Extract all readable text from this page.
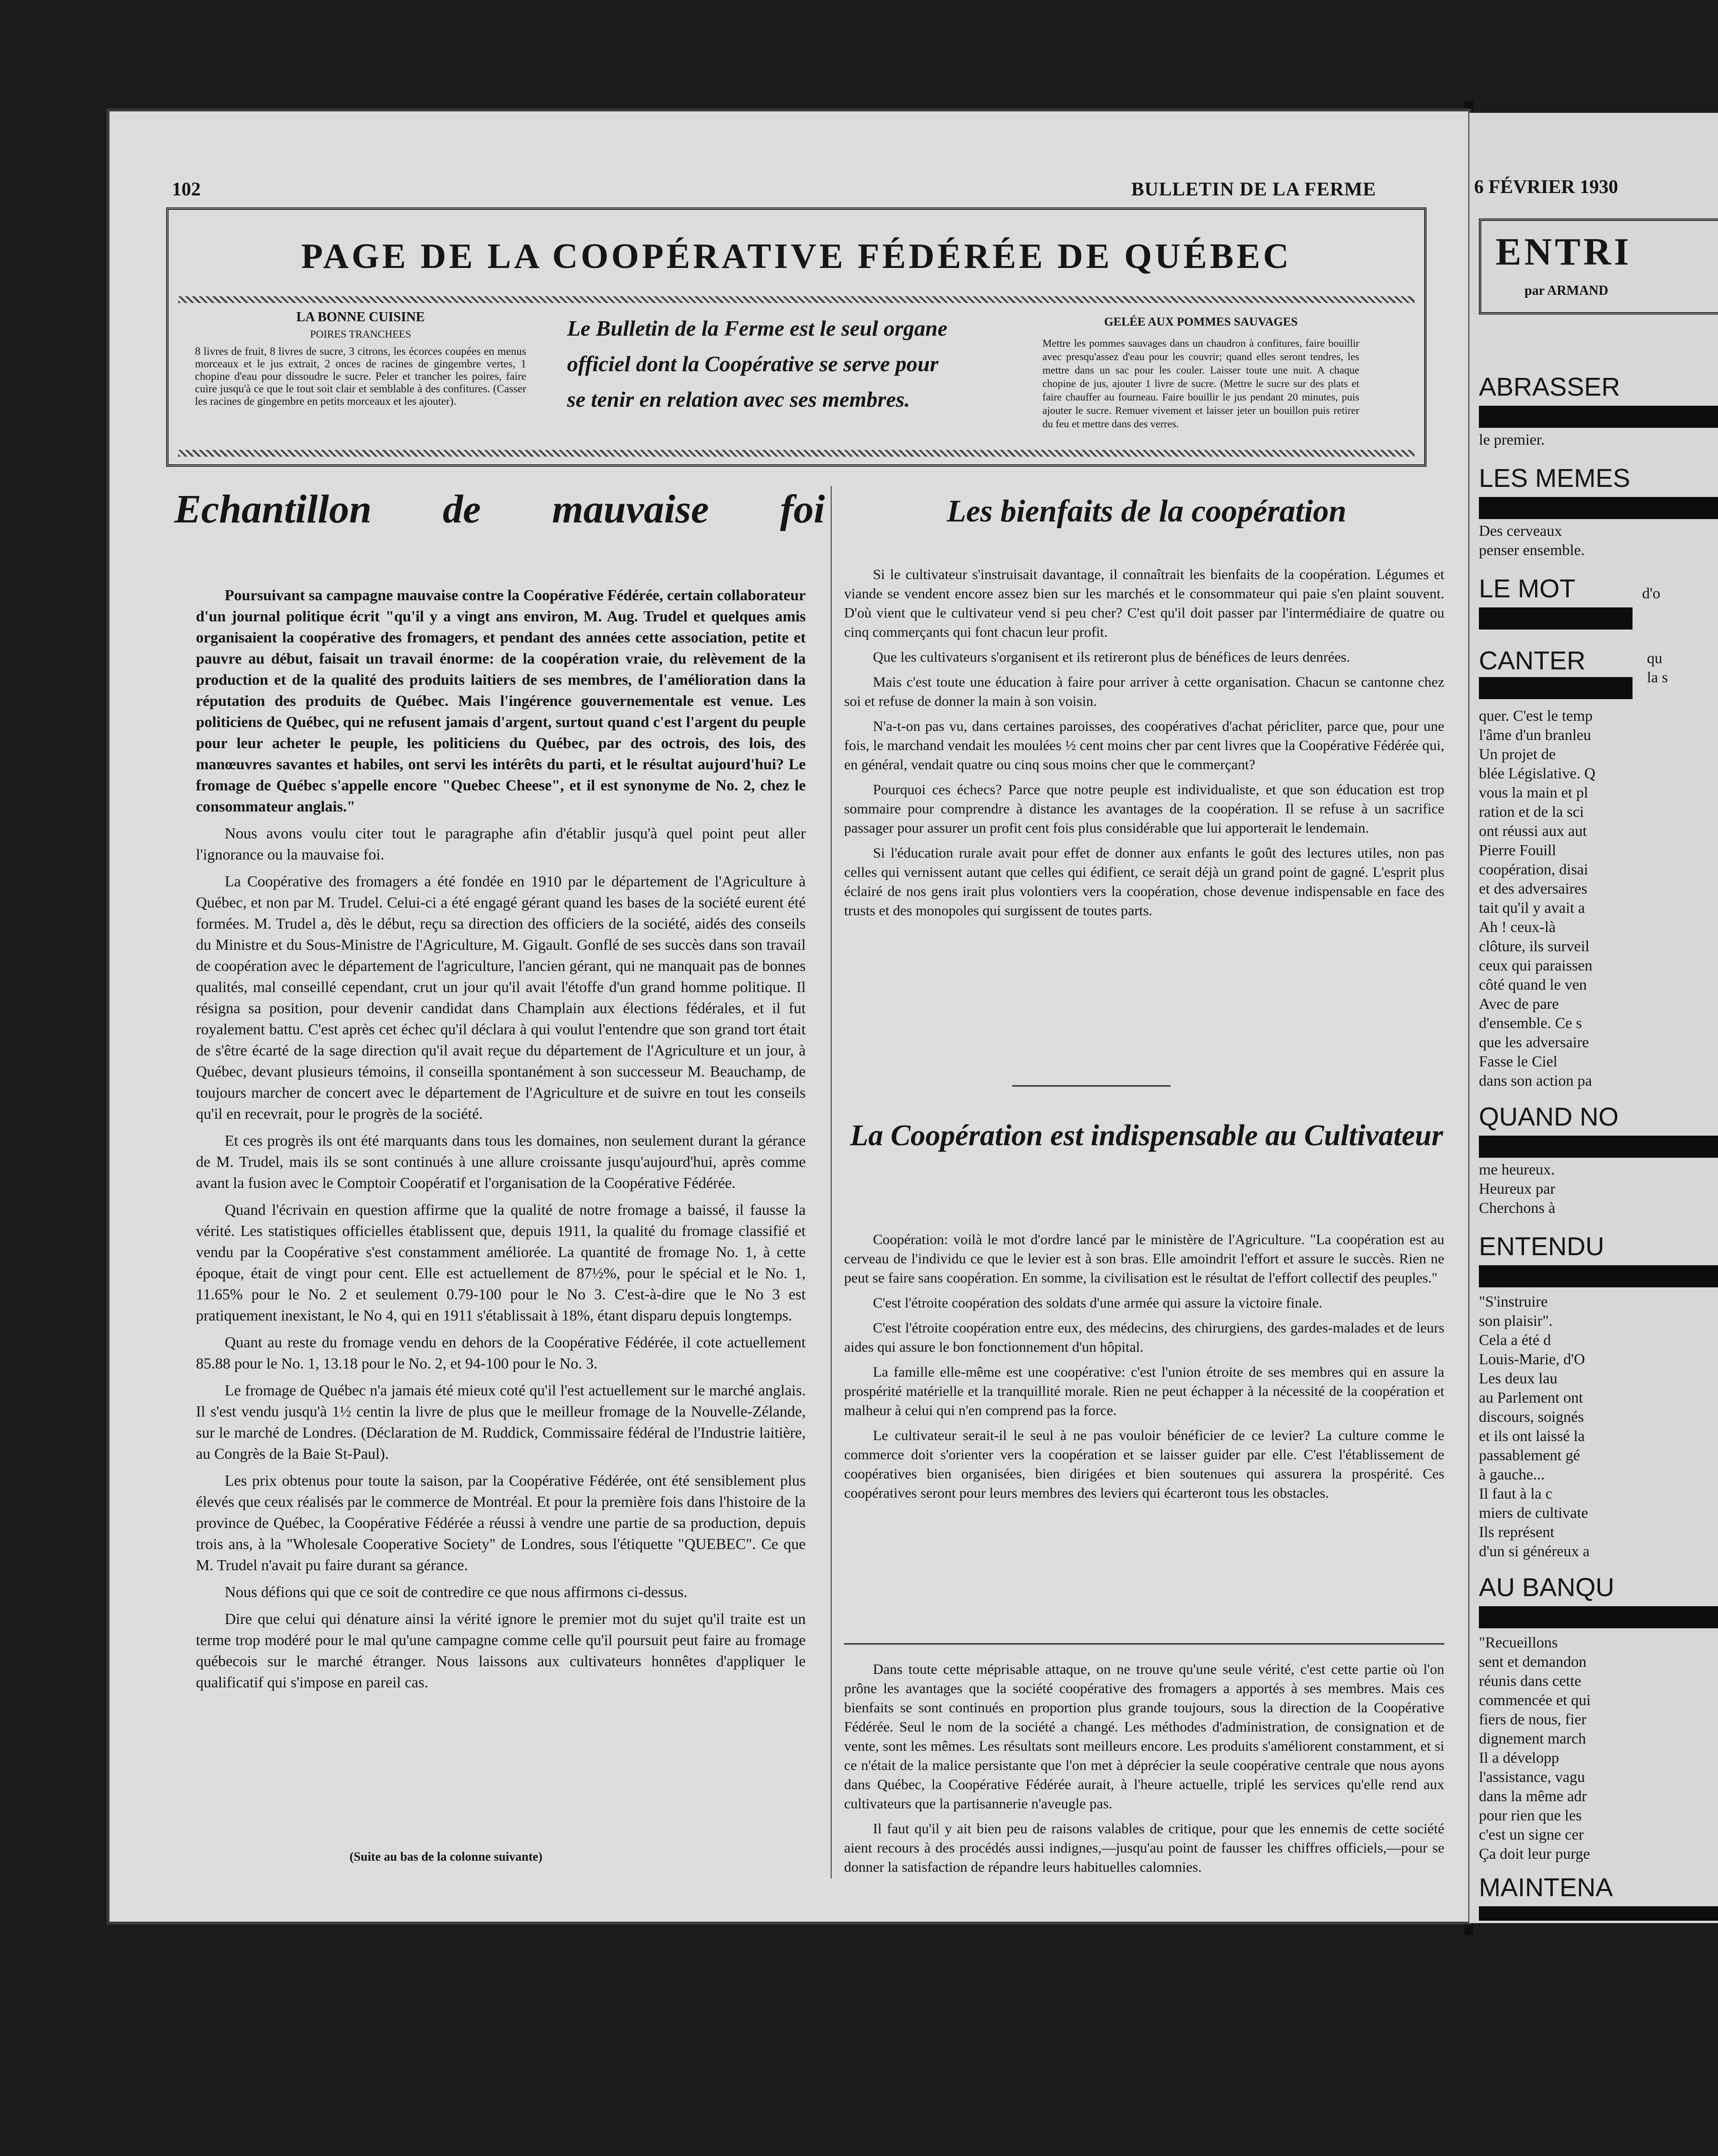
102	BULLETIN DE LA FERME
PAGE DE LA COOPÉRATIVE FÉDÉRÉE DE QUÉBEC
LA BONNE CUISINE
POIRES TRANCHEES
8 livres de fruit, 8 livres de sucre, 3 citrons, les écorces coupées en menus morceaux et le jus extrait, 2 onces de racines de gingembre vertes, 1 chopine d'eau pour dissoudre le sucre. Peler et trancher les poires, faire cuire jusqu'à ce que le tout soit clair et semblable à des confitures. (Casser les racines de gingembre en petits morceaux et les ajouter).
Le Bulletin de la Ferme est le seul organe officiel dont la Coopérative se serve pour se tenir en relation avec ses membres.
GELÉE AUX POMMES SAUVAGES
Mettre les pommes sauvages dans un chaudron à confitures, faire bouillir avec presqu'assez d'eau pour les couvrir; quand elles seront tendres, les mettre dans un sac pour les couler. Laisser toute une nuit. A chaque chopine de jus, ajouter 1 livre de sucre. (Mettre le sucre sur des plats et faire chauffer au fourneau. Faire bouillir le jus pendant 20 minutes, puis ajouter le sucre. Remuer vivement et laisser jeter un bouillon puis retirer du feu et mettre dans des verres.
Echantillon de mauvaise foi

Poursuivant sa campagne mauvaise contre la Coopérative Fédérée, certain collaborateur d'un journal politique écrit "qu'il y a vingt ans environ, M. Aug. Trudel et quelques amis organisaient la coopérative des fromagers, et pendant des années cette association, petite et pauvre au début, faisait un travail énorme: de la coopération vraie, du relèvement de la production et de la qualité des produits laitiers de ses membres, de l'amélioration dans la réputation des produits de Québec. Mais l'ingérence gouvernementale est venue. Les politiciens de Québec, qui ne refusent jamais d'argent, surtout quand c'est l'argent du peuple pour leur acheter le peuple, les politiciens du Québec, par des octrois, des lois, des manœuvres savantes et habiles, ont servi les intérêts du parti, et le résultat aujourd'hui? Le fromage de Québec s'appelle encore "Quebec Cheese", et il est synonyme de No. 2, chez le consommateur anglais."

Nous avons voulu citer tout le paragraphe afin d'établir jusqu'à quel point peut aller l'ignorance ou la mauvaise foi.

La Coopérative des fromagers a été fondée en 1910 par le département de l'Agriculture à Québec, et non par M. Trudel. Celui-ci a été engagé gérant quand les bases de la société eurent été formées. M. Trudel a, dès le début, reçu sa direction des officiers de la société, aidés des conseils du Ministre et du Sous-Ministre de l'Agriculture, M. Gigault. Gonflé de ses succès dans son travail de coopération avec le département de l'agriculture, l'ancien gérant, qui ne manquait pas de bonnes qualités, mal conseillé cependant, crut un jour qu'il avait l'étoffe d'un grand homme politique. Il résigna sa position, pour devenir candidat dans Champlain aux élections fédérales, et il fut royalement battu. C'est après cet échec qu'il déclara à qui voulut l'entendre que son grand tort était de s'être écarté de la sage direction qu'il avait reçue du département de l'Agriculture et un jour, à Québec, devant plusieurs témoins, il conseilla spontanément à son successeur M. Beauchamp, de toujours marcher de concert avec le département de l'Agriculture et de suivre en tout les conseils qu'il en recevrait, pour le progrès de la société.

Et ces progrès ils ont été marquants dans tous les domaines, non seulement durant la gérance de M. Trudel, mais ils se sont continués à une allure croissante jusqu'aujourd'hui, après comme avant la fusion avec le Comptoir Coopératif et l'organisation de la Coopérative Fédérée.

Quand l'écrivain en question affirme que la qualité de notre fromage a baissé, il fausse la vérité. Les statistiques officielles établissent que, depuis 1911, la qualité du fromage classifié et vendu par la Coopérative s'est constamment améliorée. La quantité de fromage No. 1, à cette époque, était de vingt pour cent. Elle est actuellement de 87½%, pour le spécial et le No. 1, 11.65% pour le No. 2 et seulement 0.79-100 pour le No 3. C'est-à-dire que le No 3 est pratiquement inexistant, le No 4, qui en 1911 s'établissait à 18%, étant disparu depuis longtemps.

Quant au reste du fromage vendu en dehors de la Coopérative Fédérée, il cote actuellement 85.88 pour le No. 1, 13.18 pour le No. 2, et 94-100 pour le No. 3.

Le fromage de Québec n'a jamais été mieux coté qu'il l'est actuellement sur le marché anglais. Il s'est vendu jusqu'à 1½ centin la livre de plus que le meilleur fromage de la Nouvelle-Zélande, sur le marché de Londres. (Déclaration de M. Ruddick, Commissaire fédéral de l'Industrie laitière, au Congrès de la Baie St-Paul).

Les prix obtenus pour toute la saison, par la Coopérative Fédérée, ont été sensiblement plus élevés que ceux réalisés par le commerce de Montréal. Et pour la première fois dans l'histoire de la province de Québec, la Coopérative Fédérée a réussi à vendre une partie de sa production, depuis trois ans, à la "Wholesale Cooperative Society" de Londres, sous l'étiquette "QUEBEC". Ce que M. Trudel n'avait pu faire durant sa gérance.

Nous défions qui que ce soit de contredire ce que nous affirmons ci-dessus.

Dire que celui qui dénature ainsi la vérité ignore le premier mot du sujet qu'il traite est un terme trop modéré pour le mal qu'une campagne comme celle qu'il poursuit peut faire au fromage québecois sur le marché étranger. Nous laissons aux cultivateurs honnêtes d'appliquer le qualificatif qui s'impose en pareil cas.

(Suite au bas de la colonne suivante)
Les bienfaits de la coopération

Si le cultivateur s'instruisait davantage, il connaîtrait les bienfaits de la coopération. Légumes et viande se vendent encore assez bien sur les marchés et le consommateur qui paie s'en plaint souvent. D'où vient que le cultivateur vend si peu cher? C'est qu'il doit passer par l'intermédiaire de quatre ou cinq commerçants qui font chacun leur profit.

Que les cultivateurs s'organisent et ils retireront plus de bénéfices de leurs denrées.

Mais c'est toute une éducation à faire pour arriver à cette organisation. Chacun se cantonne chez soi et refuse de donner la main à son voisin.

N'a-t-on pas vu, dans certaines paroisses, des coopératives d'achat péricliter, parce que, pour une fois, le marchand vendait les moulées ½ cent moins cher par cent livres que la Coopérative Fédérée qui, en général, vendait quatre ou cinq sous moins cher que le commerçant?

Pourquoi ces échecs? Parce que notre peuple est individualiste, et que son éducation est trop sommaire pour comprendre à distance les avantages de la coopération. Il se refuse à un sacrifice passager pour assurer un profit cent fois plus considérable que lui apporterait le lendemain.

Si l'éducation rurale avait pour effet de donner aux enfants le goût des lectures utiles, non pas celles qui vernissent autant que celles qui édifient, ce serait déjà un grand point de gagné. L'esprit plus éclairé de nos gens irait plus volontiers vers la coopération, chose devenue indispensable en face des trusts et des monopoles qui surgissent de toutes parts.

La Coopération est indispensable au Cultivateur

Coopération: voilà le mot d'ordre lancé par le ministère de l'Agriculture. "La coopération est au cerveau de l'individu ce que le levier est à son bras. Elle amoindrit l'effort et assure le succès. Rien ne peut se faire sans coopération. En somme, la civilisation est le résultat de l'effort collectif des peuples."

C'est l'étroite coopération des soldats d'une armée qui assure la victoire finale.

C'est l'étroite coopération entre eux, des médecins, des chirurgiens, des gardes-malades et de leurs aides qui assure le bon fonctionnement d'un hôpital.

La famille elle-même est une coopérative: c'est l'union étroite de ses membres qui en assure la prospérité matérielle et la tranquillité morale. Rien ne peut échapper à la nécessité de la coopération et malheur à celui qui n'en comprend pas la force.

Le cultivateur serait-il le seul à ne pas vouloir bénéficier de ce levier? La culture comme le commerce doit s'orienter vers la coopération et se laisser guider par elle. C'est l'établissement de coopératives bien organisées, bien dirigées et bien soutenues qui assurera la prospérité. Ces coopératives seront pour leurs membres des leviers qui écarteront tous les obstacles.

Dans toute cette méprisable attaque, on ne trouve qu'une seule vérité, c'est cette partie où l'on prône les avantages que la société coopérative des fromagers a apportés à ses membres. Mais ces bienfaits se sont continués en proportion plus grande toujours, sous la direction de la Coopérative Fédérée. Seul le nom de la société a changé. Les méthodes d'administration, de consignation et de vente, sont les mêmes. Les résultats sont meilleurs encore. Les produits s'améliorent constamment, et si ce n'était de la malice persistante que l'on met à déprécier la seule coopérative centrale que nous ayons dans Québec, la Coopérative Fédérée aurait, à l'heure actuelle, triplé les services qu'elle rend aux cultivateurs que la partisannerie n'aveugle pas.

Il faut qu'il y ait bien peu de raisons valables de critique, pour que les ennemis de cette société aient recours à des procédés aussi indignes,—jusqu'au point de fausser les chiffres officiels,—pour se donner la satisfaction de répandre leurs habituelles calomnies.

6 FÉVRIER 1930
ENTRI
par ARMAND
ABRASSER
le premier.
LES MEMES
Des cerveaux
penser ensemble.
LE MOT	d'o
CANTER	qu
la s
quer. C'est le temp
l'âme d'un branleu
Un projet de
blée Législative. Q
vous la main et pl
ration et de la sci
ont réussi aux aut
Pierre Fouill
coopération, disai
et des adversaires
tait qu'il y avait a
Ah ! ceux-là
clôture, ils surveil
ceux qui paraissen
côté quand le ven
Avec de pare
d'ensemble. Ce s
que les adversaire
Fasse le Ciel
dans son action pa
QUAND NO
me heureux.
Heureux par
Cherchons à
ENTENDU
"S'instruire
son plaisir".
Cela a été d
Louis-Marie, d'O
Les deux lau
au Parlement ont
discours, soignés
et ils ont laissé la
passablement gé
à gauche...
Il faut à la c
miers de cultivate
Ils représent
d'un si généreux a
AU BANQU
"Recueillons
sent et demandon
réunis dans cette
commencée et qui
fiers de nous, fier
dignement march
Il a développ
l'assistance, vagu
dans la même adr
pour rien que les
c'est un signe cer
Ça doit leur purge
MAINTENA
